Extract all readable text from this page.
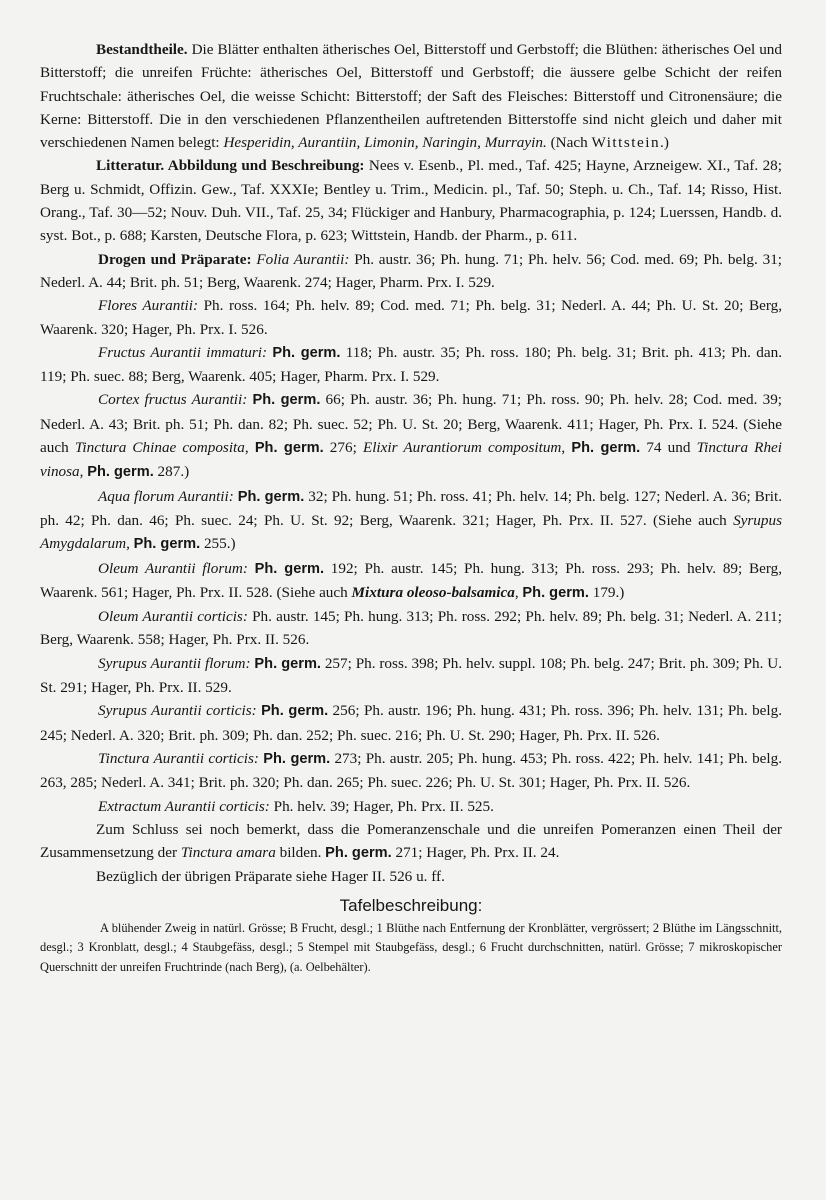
Bestandtheile. Die Blätter enthalten ätherisches Oel, Bitterstoff und Gerbstoff; die Blüthen: ätherisches Oel und Bitterstoff; die unreifen Früchte: ätherisches Oel, Bitterstoff und Gerbstoff; die äussere gelbe Schicht der reifen Fruchtschale: ätherisches Oel, die weisse Schicht: Bitterstoff; der Saft des Fleisches: Bitterstoff und Citronensäure; die Kerne: Bitterstoff. Die in den verschiedenen Pflanzentheilen auftretenden Bitterstoffe sind nicht gleich und daher mit verschiedenen Namen belegt: Hesperidin, Aurantiin, Limonin, Naringin, Murrayin. (Nach Wittstein.)

Litteratur. Abbildung und Beschreibung: Nees v. Esenb., Pl. med., Taf. 425; Hayne, Arzneigew. XI., Taf. 28; Berg u. Schmidt, Offizin. Gew., Taf. XXXIe; Bentley u. Trim., Medicin. pl., Taf. 50; Steph. u. Ch., Taf. 14; Risso, Hist. Orang., Taf. 30—52; Nouv. Duh. VII., Taf. 25, 34; Flückiger and Hanbury, Pharmacographia, p. 124; Luerssen, Handb. d. syst. Bot., p. 688; Karsten, Deutsche Flora, p. 623; Wittstein, Handb. der Pharm., p. 611.

Drogen und Präparate: Folia Aurantii: Ph. austr. 36; Ph. hung. 71; Ph. helv. 56; Cod. med. 69; Ph. belg. 31; Nederl. A. 44; Brit. ph. 51; Berg, Waarenk. 274; Hager, Pharm. Prx. I. 529.

Flores Aurantii: Ph. ross. 164; Ph. helv. 89; Cod. med. 71; Ph. belg. 31; Nederl. A. 44; Ph. U. St. 20; Berg, Waarenk. 320; Hager, Ph. Prx. I. 526.

Fructus Aurantii immaturi: Ph. germ. 118; Ph. austr. 35; Ph. ross. 180; Ph. belg. 31; Brit. ph. 413; Ph. dan. 119; Ph. suec. 88; Berg, Waarenk. 405; Hager, Pharm. Prx. I. 529.

Cortex fructus Aurantii: Ph. germ. 66; Ph. austr. 36; Ph. hung. 71; Ph. ross. 90; Ph. helv. 28; Cod. med. 39; Nederl. A. 43; Brit. ph. 51; Ph. dan. 82; Ph. suec. 52; Ph. U. St. 20; Berg, Waarenk. 411; Hager, Ph. Prx. I. 524. (Siehe auch Tinctura Chinae composita, Ph. germ. 276; Elixir Aurantiorum compositum, Ph. germ. 74 und Tinctura Rhei vinosa, Ph. germ. 287.)

Aqua florum Aurantii: Ph. germ. 32; Ph. hung. 51; Ph. ross. 41; Ph. helv. 14; Ph. belg. 127; Nederl. A. 36; Brit. ph. 42; Ph. dan. 46; Ph. suec. 24; Ph. U. St. 92; Berg, Waarenk. 321; Hager, Ph. Prx. II. 527. (Siehe auch Syrupus Amygdalarum, Ph. germ. 255.)

Oleum Aurantii florum: Ph. germ. 192; Ph. austr. 145; Ph. hung. 313; Ph. ross. 293; Ph. helv. 89; Berg, Waarenk. 561; Hager, Ph. Prx. II. 528. (Siehe auch Mixtura oleoso-balsamica, Ph. germ. 179.)

Oleum Aurantii corticis: Ph. austr. 145; Ph. hung. 313; Ph. ross. 292; Ph. helv. 89; Ph. belg. 31; Nederl. A. 211; Berg, Waarenk. 558; Hager, Ph. Prx. II. 526.

Syrupus Aurantii florum: Ph. germ. 257; Ph. ross. 398; Ph. helv. suppl. 108; Ph. belg. 247; Brit. ph. 309; Ph. U. St. 291; Hager, Ph. Prx. II. 529.

Syrupus Aurantii corticis: Ph. germ. 256; Ph. austr. 196; Ph. hung. 431; Ph. ross. 396; Ph. helv. 131; Ph. belg. 245; Nederl. A. 320; Brit. ph. 309; Ph. dan. 252; Ph. suec. 216; Ph. U. St. 290; Hager, Ph. Prx. II. 526.

Tinctura Aurantii corticis: Ph. germ. 273; Ph. austr. 205; Ph. hung. 453; Ph. ross. 422; Ph. helv. 141; Ph. belg. 263, 285; Nederl. A. 341; Brit. ph. 320; Ph. dan. 265; Ph. suec. 226; Ph. U. St. 301; Hager, Ph. Prx. II. 526.

Extractum Aurantii corticis: Ph. helv. 39; Hager, Ph. Prx. II. 525.

Zum Schluss sei noch bemerkt, dass die Pomeranzenschale und die unreifen Pomeranzen einen Theil der Zusammensetzung der Tinctura amara bilden. Ph. germ. 271; Hager, Ph. Prx. II. 24.

Bezüglich der übrigen Präparate siehe Hager II. 526 u. ff.

Tafelbeschreibung:

A blühender Zweig in natürl. Grösse; B Frucht, desgl.; 1 Blüthe nach Entfernung der Kronblätter, vergrössert; 2 Blüthe im Längsschnitt, desgl.; 3 Kronblatt, desgl.; 4 Staubgefäss, desgl.; 5 Stempel mit Staubgefäss, desgl.; 6 Frucht durchschnitten, natürl. Grösse; 7 mikroskopischer Querschnitt der unreifen Fruchtrinde (nach Berg), (a. Oelbehälter).
